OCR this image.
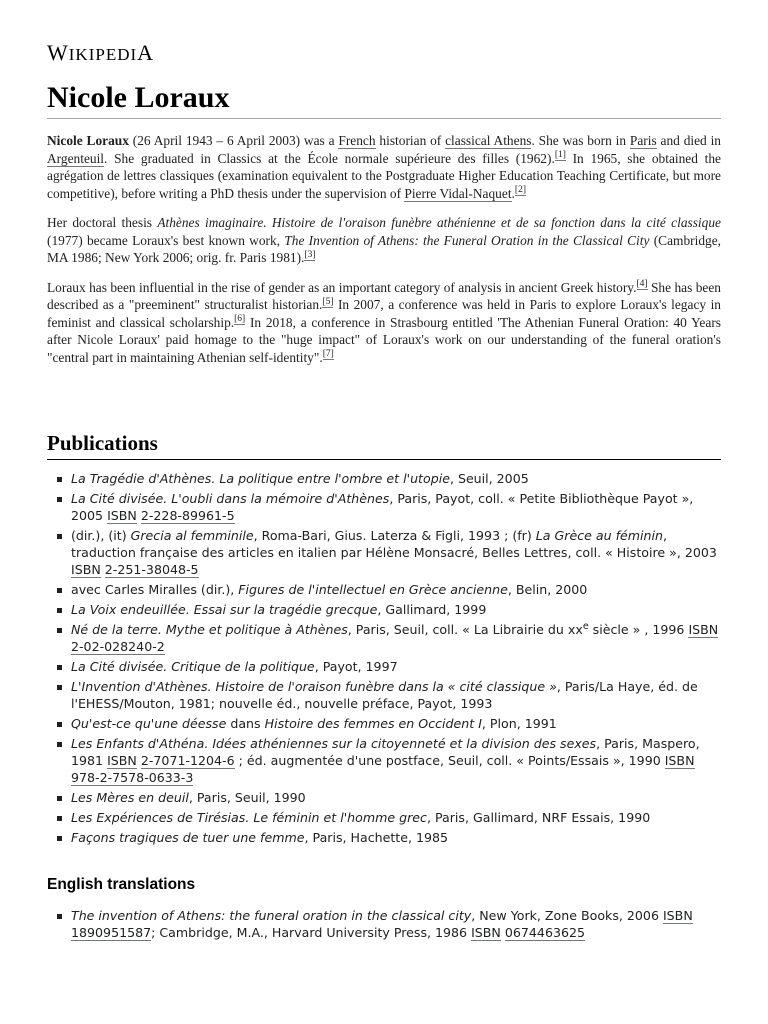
WIKIPEDIA
Nicole Loraux

Nicole Loraux (26 April 1943 – 6 April 2003) was a French historian of classical Athens. She was born in Paris and died in Argenteuil. She graduated in Classics at the École normale supérieure des filles (1962).[1] In 1965, she obtained the agrégation de lettres classiques (examination equivalent to the Postgraduate Higher Education Teaching Certificate, but more competitive), before writing a PhD thesis under the supervision of Pierre Vidal-Naquet.[2]

Her doctoral thesis Athènes imaginaire. Histoire de l'oraison funèbre athénienne et de sa fonction dans la cité classique (1977) became Loraux's best known work, The Invention of Athens: the Funeral Oration in the Classical City (Cambridge, MA 1986; New York 2006; orig. fr. Paris 1981).[3]

Loraux has been influential in the rise of gender as an important category of analysis in ancient Greek history.[4] She has been described as a "preeminent" structuralist historian.[5] In 2007, a conference was held in Paris to explore Loraux's legacy in feminist and classical scholarship.[6] In 2018, a conference in Strasbourg entitled 'The Athenian Funeral Oration: 40 Years after Nicole Loraux' paid homage to the "huge impact" of Loraux's work on our understanding of the funeral oration's "central part in maintaining Athenian self-identity".[7]

Publications
La Tragédie d'Athènes. La politique entre l'ombre et l'utopie, Seuil, 2005
La Cité divisée. L'oubli dans la mémoire d'Athènes, Paris, Payot, coll. « Petite Bibliothèque Payot », 2005 ISBN 2-228-89961-5
(dir.), (it) Grecia al femminile, Roma-Bari, Gius. Laterza & Figli, 1993 ; (fr) La Grèce au féminin, traduction française des articles en italien par Hélène Monsacré, Belles Lettres, coll. « Histoire », 2003 ISBN 2-251-38048-5
avec Carles Miralles (dir.), Figures de l'intellectuel en Grèce ancienne, Belin, 2000
La Voix endeuillée. Essai sur la tragédie grecque, Gallimard, 1999
Né de la terre. Mythe et politique à Athènes, Paris, Seuil, coll. « La Librairie du $xx^e$ siècle » , 1996 ISBN 2-02-028240-2
La Cité divisée. Critique de la politique, Payot, 1997
L'Invention d'Athènes. Histoire de l'oraison funèbre dans la « cité classique », Paris/La Haye, éd. de l'EHESS/Mouton, 1981; nouvelle éd., nouvelle préface, Payot, 1993
Qu'est-ce qu'une déesse dans Histoire des femmes en Occident I, Plon, 1991
Les Enfants d'Athéna. Idées athéniennes sur la citoyenneté et la division des sexes, Paris, Maspero, 1981 ISBN 2-7071-1204-6 ; éd. augmentée d'une postface, Seuil, coll. « Points/Essais », 1990 ISBN 978-2-7578-0633-3
Les Mères en deuil, Paris, Seuil, 1990
Les Expériences de Tirésias. Le féminin et l'homme grec, Paris, Gallimard, NRF Essais, 1990
Façons tragiques de tuer une femme, Paris, Hachette, 1985
English translations
The invention of Athens: the funeral oration in the classical city, New York, Zone Books, 2006 ISBN 1890951587; Cambridge, M.A., Harvard University Press, 1986 ISBN 0674463625
